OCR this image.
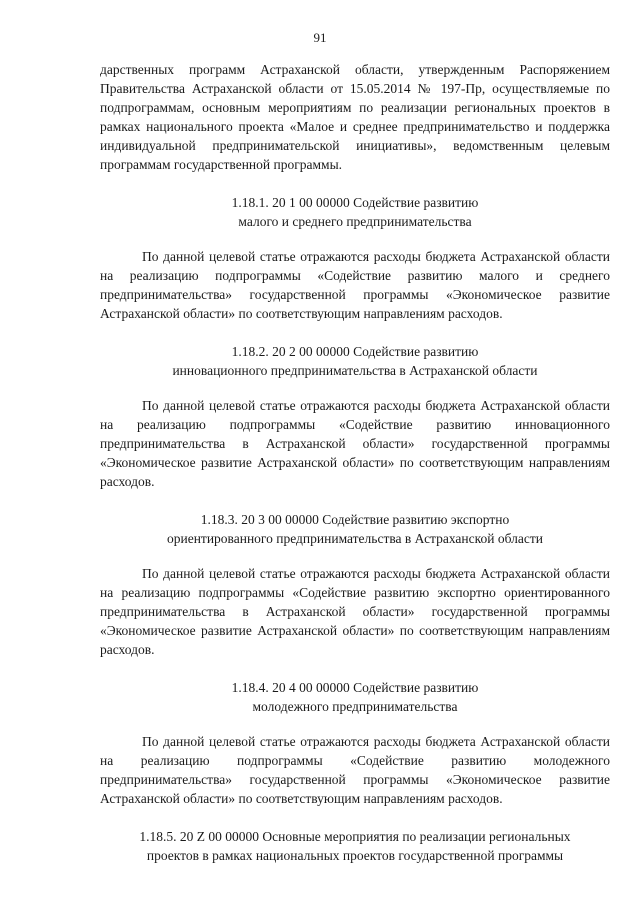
91

дарственных программ Астраханской области, утвержденным Распоряжением Правительства Астраханской области от 15.05.2014 № 197-Пр, осуществляемые по подпрограммам, основным мероприятиям по реализации региональных проектов в рамках национального проекта «Малое и среднее предпринимательство и поддержка индивидуальной предпринимательской инициативы», ведомственным целевым программам государственной программы.

1.18.1. 20 1 00 00000 Содействие развитию
малого и среднего предпринимательства

По данной целевой статье отражаются расходы бюджета Астраханской области на реализацию подпрограммы «Содействие развитию малого и среднего предпринимательства» государственной программы «Экономическое развитие Астраханской области» по соответствующим направлениям расходов.

1.18.2. 20 2 00 00000 Содействие развитию
инновационного предпринимательства в Астраханской области

По данной целевой статье отражаются расходы бюджета Астраханской области на реализацию подпрограммы «Содействие развитию инновационного предпринимательства в Астраханской области» государственной программы «Экономическое развитие Астраханской области» по соответствующим направлениям расходов.

1.18.3. 20 3 00 00000 Содействие развитию экспортно
ориентированного предпринимательства в Астраханской области

По данной целевой статье отражаются расходы бюджета Астраханской области на реализацию подпрограммы «Содействие развитию экспортно ориентированного предпринимательства в Астраханской области» государственной программы «Экономическое развитие Астраханской области» по соответствующим направлениям расходов.

1.18.4. 20 4 00 00000 Содействие развитию
молодежного предпринимательства

По данной целевой статье отражаются расходы бюджета Астраханской области на реализацию подпрограммы «Содействие развитию молодежного предпринимательства» государственной программы «Экономическое развитие Астраханской области» по соответствующим направлениям расходов.

1.18.5. 20 Z 00 00000 Основные мероприятия по реализации региональных
проектов в рамках национальных проектов государственной программы
